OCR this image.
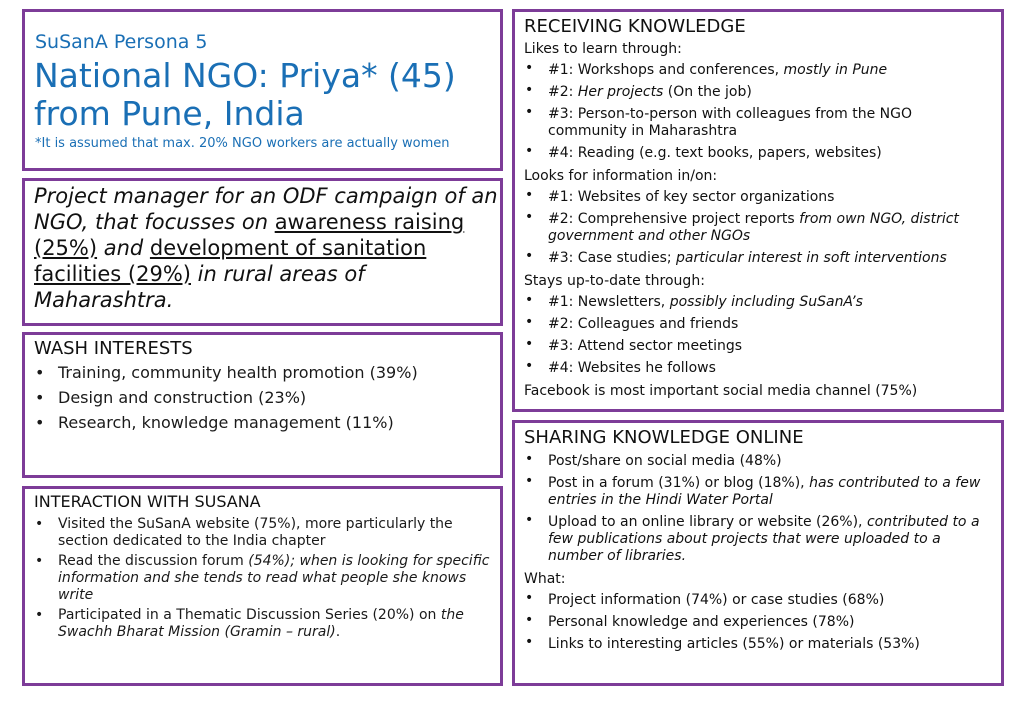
SuSanA Persona 5
National NGO: Priya* (45)
from Pune, India
*It is assumed that max. 20% NGO workers are actually women
Project manager for an ODF campaign of an NGO, that focusses on awareness raising (25%) and development of sanitation facilities (29%) in rural areas of Maharashtra.

WASH INTERESTS

• Training, community health promotion (39%)
• Design and construction (23%)
• Research, knowledge management (11%)

INTERACTION WITH SUSANA

• Visited the SuSanA website (75%), more particularly the section dedicated to the India chapter
• Read the discussion forum (54%); when is looking for specific information and she tends to read what people she knows write
• Participated in a Thematic Discussion Series (20%) on the Swachh Bharat Mission (Gramin – rural).

RECEIVING KNOWLEDGE

Likes to learn through:
• #1: Workshops and conferences, mostly in Pune
• #2: Her projects (On the job)
• #3: Person-to-person with colleagues from the NGO community in Maharashtra
• #4: Reading (e.g. text books, papers, websites)
Looks for information in/on:
• #1: Websites of key sector organizations
• #2: Comprehensive project reports from own NGO, district government and other NGOs
• #3: Case studies; particular interest in soft interventions
Stays up-to-date through:
• #1: Newsletters, possibly including SuSanA’s
• #2: Colleagues and friends
• #3: Attend sector meetings
• #4: Websites he follows
Facebook is most important social media channel (75%)

SHARING KNOWLEDGE ONLINE

• Post/share on social media (48%)
• Post in a forum (31%) or blog (18%), has contributed to a few entries in the Hindi Water Portal
• Upload to an online library or website (26%), contributed to a few publications about projects that were uploaded to a number of libraries.
What:
• Project information (74%) or case studies (68%)
• Personal knowledge and experiences (78%)
• Links to interesting articles (55%) or materials (53%)
